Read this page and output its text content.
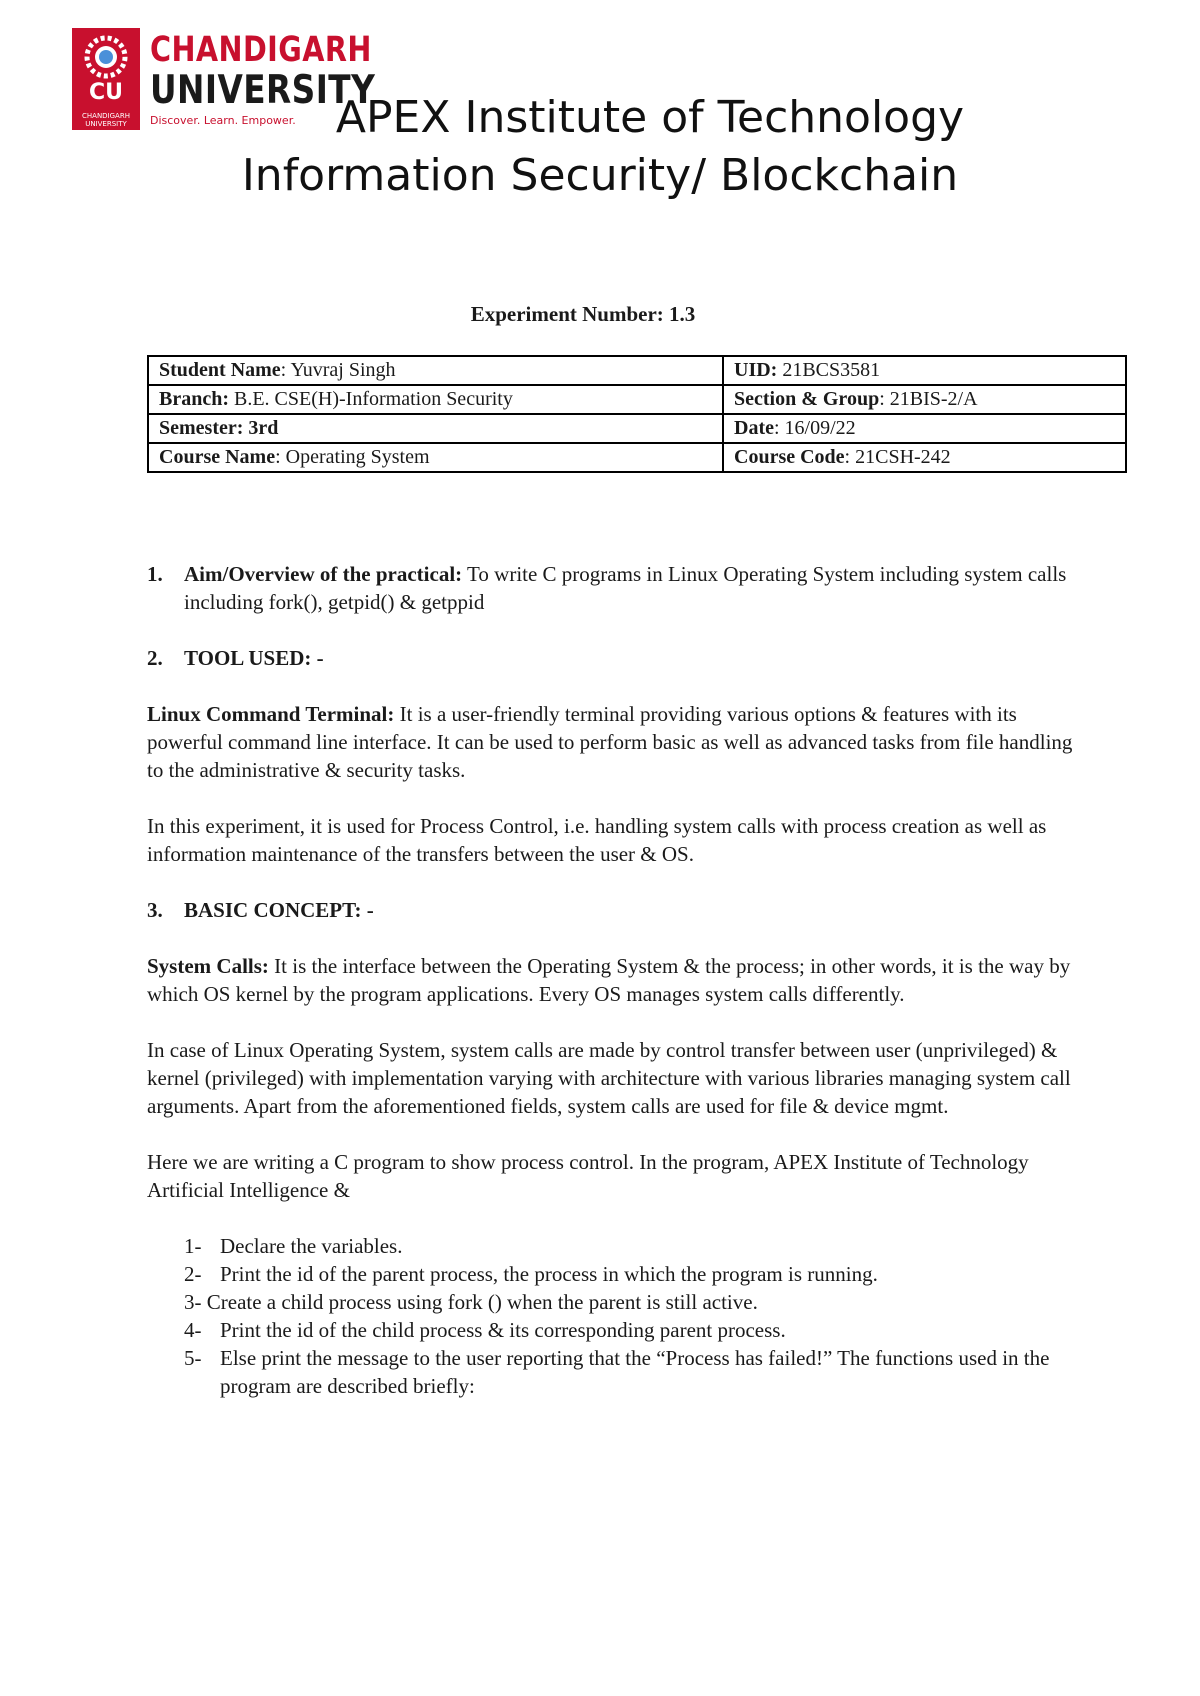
CU
CHANDIGARH UNIVERSITY
CHANDIGARH
UNIVERSITY
Discover. Learn. Empower. APEX Institute of Technology
Information Security/ Blockchain
Experiment Number: 1.3
Student Name: Yuvraj Singh	UID: 21BCS3581
Branch: B.E. CSE(H)-Information Security	Section & Group: 21BIS-2/A
Semester: 3rd	Date: 16/09/22
Course Name: Operating System	Course Code: 21CSH-242
1. Aim/Overview of the practical: To write C programs in Linux Operating System including system calls including fork(), getpid() & getppid

2. TOOL USED: -

Linux Command Terminal: It is a user-friendly terminal providing various options & features with its powerful command line interface. It can be used to perform basic as well as advanced tasks from file handling to the administrative & security tasks.

In this experiment, it is used for Process Control, i.e. handling system calls with process creation as well as information maintenance of the transfers between the user & OS.

3. BASIC CONCEPT: -

System Calls: It is the interface between the Operating System & the process; in other words, it is the way by which OS kernel by the program applications. Every OS manages system calls differently.

In case of Linux Operating System, system calls are made by control transfer between user (unprivileged) & kernel (privileged) with implementation varying with architecture with various libraries managing system call arguments. Apart from the aforementioned fields, system calls are used for file & device mgmt.

Here we are writing a C program to show process control. In the program, APEX Institute of Technology Artificial Intelligence &

1- Declare the variables.
2- Print the id of the parent process, the process in which the program is running.
3- Create a child process using fork () when the parent is still active.
4- Print the id of the child process & its corresponding parent process.
5- Else print the message to the user reporting that the “Process has failed!” The functions used in the program are described briefly:
